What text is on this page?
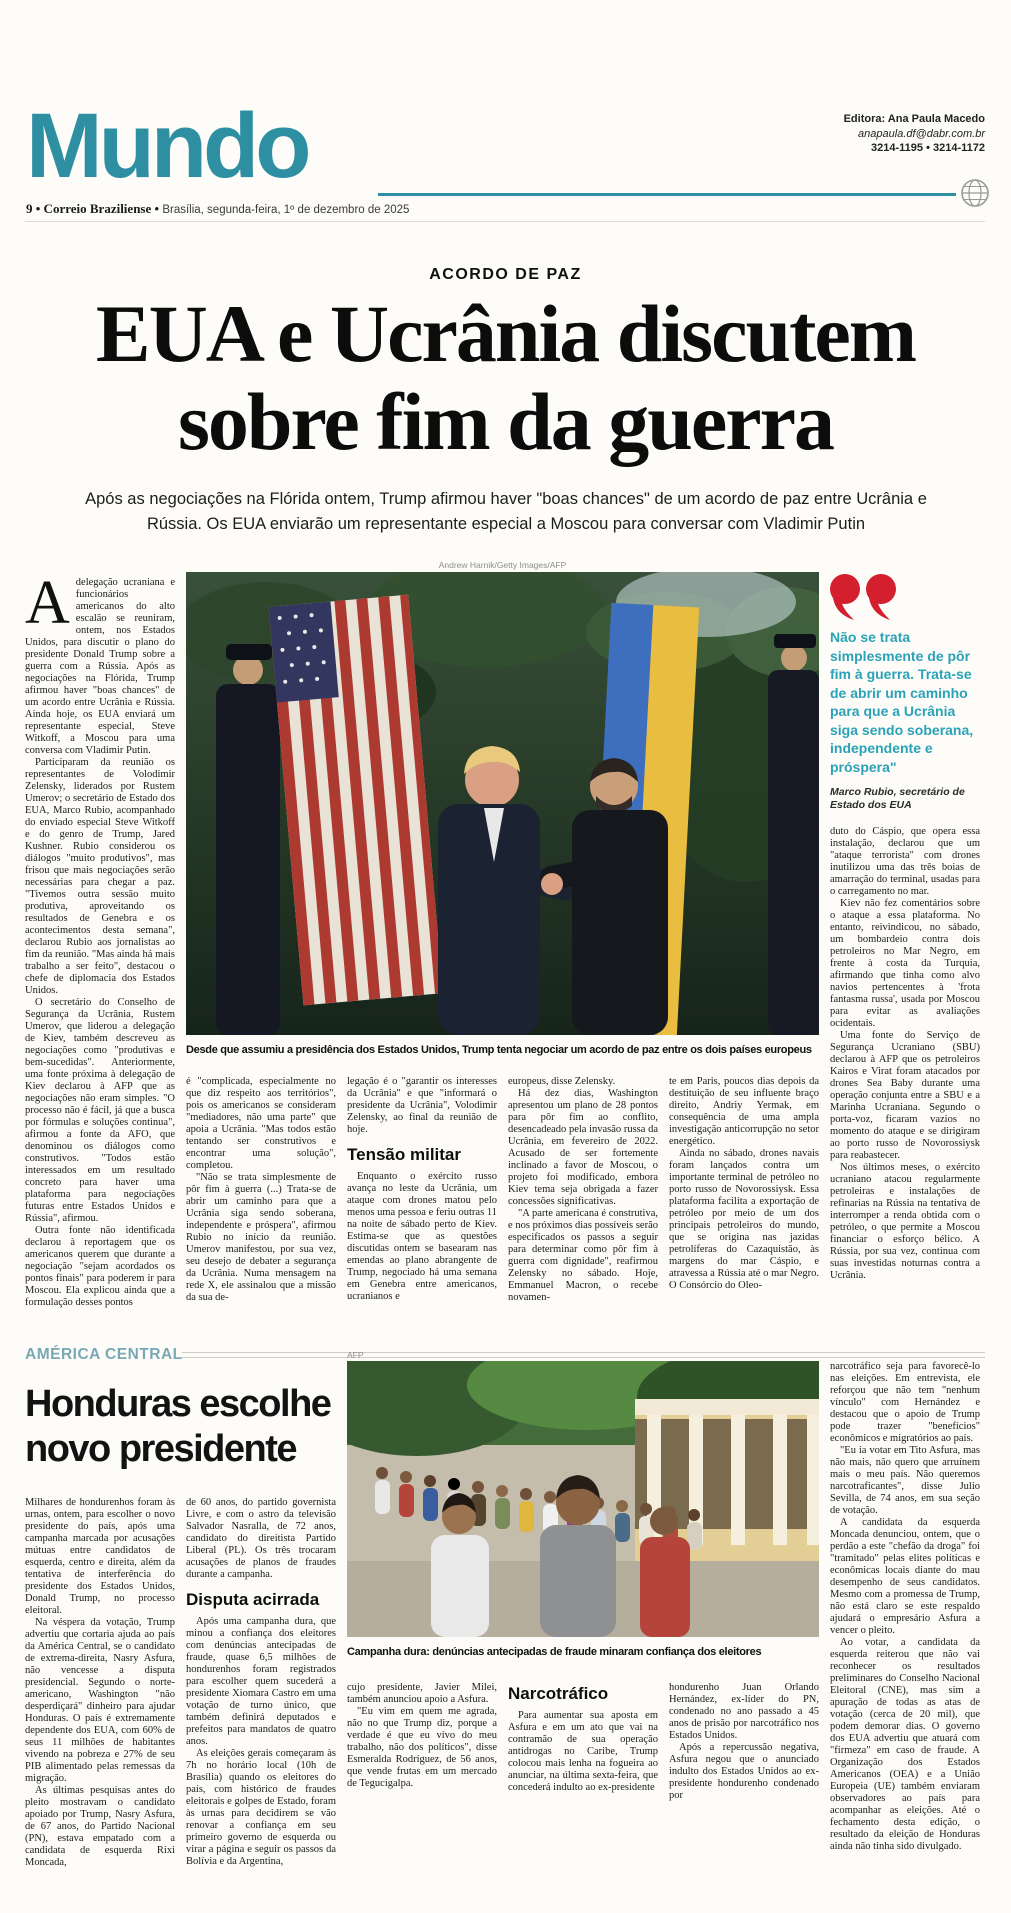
Mundo	Editora: Ana Paula Macedo
anapaula.df@dabr.com.br
3214-1195 • 3214-1172
9 • Correio Braziliense • Brasília, segunda-feira, 1º de dezembro de 2025
ACORDO DE PAZ
EUA e Ucrânia discutem
sobre fim da guerra
Após as negociações na Flórida ontem, Trump afirmou haver "boas chances" de um acordo de paz entre Ucrânia e Rússia. Os EUA enviarão um representante especial a Moscou para conversar com Vladimir Putin
Andrew Harnik/Getty Images/AFP
Desde que assumiu a presidência dos Estados Unidos, Trump tenta negociar um acordo de paz entre os dois países europeus

Adelegação ucraniana e funcionários americanos do alto escalão se reuniram, ontem, nos Estados Unidos, para discutir o plano do presidente Donald Trump sobre a guerra com a Rússia. Após as negociações na Flórida, Trump afirmou haver "boas chances" de um acordo entre Ucrânia e Rússia. Ainda hoje, os EUA enviará um representante especial, Steve Witkoff, a Moscou para uma conversa com Vladimir Putin.

Participaram da reunião os representantes de Volodimir Zelensky, liderados por Rustem Umerov; o secretário de Estado dos EUA, Marco Rubio, acompanhado do enviado especial Steve Witkoff e do genro de Trump, Jared Kushner. Rubio considerou os diálogos "muito produtivos", mas frisou que mais negociações serão necessárias para chegar a paz. "Tivemos outra sessão muito produtiva, aproveitando os resultados de Genebra e os acontecimentos desta semana", declarou Rubio aos jornalistas ao fim da reunião. "Mas ainda há mais trabalho a ser feito", destacou o chefe de diplomacia dos Estados Unidos.

O secretário do Conselho de Segurança da Ucrânia, Rustem Umerov, que liderou a delegação de Kiev, também descreveu as negociações como "produtivas e bem-sucedidas". Anteriormente, uma fonte próxima à delegação de Kiev declarou à AFP que as negociações não eram simples. "O processo não é fácil, já que a busca por fórmulas e soluções continua", afirmou a fonte da AFO, que denominou os diálogos como construtivos. "Todos estão interessados em um resultado concreto para haver uma plataforma para negociações futuras entre Estados Unidos e Rússia", afirmou.

Outra fonte não identificada declarou à reportagem que os americanos querem que durante a negociação "sejam acordados os pontos finais" para poderem ir para Moscou. Ela explicou ainda que a formulação desses pontos

é "complicada, especialmente no que diz respeito aos territórios", pois os americanos se consideram "mediadores, não uma parte" que apoia a Ucrânia. "Mas todos estão tentando ser construtivos e encontrar uma solução", completou.

"Não se trata simplesmente de pôr fim à guerra (...) Trata-se de abrir um caminho para que a Ucrânia siga sendo soberana, independente e próspera", afirmou Rubio no início da reunião. Umerov manifestou, por sua vez, seu desejo de debater a segurança da Ucrânia. Numa mensagem na rede X, ele assinalou que a missão da sua de-

legação é o "garantir os interesses da Ucrânia" e que "informará o presidente da Ucrânia", Volodimir Zelensky, ao final da reunião de hoje.

Tensão militar

Enquanto o exército russo avança no leste da Ucrânia, um ataque com drones matou pelo menos uma pessoa e feriu outras 11 na noite de sábado perto de Kiev. Estima-se que as questões discutidas ontem se basearam nas emendas ao plano abrangente de Trump, negociado há uma semana em Genebra entre americanos, ucranianos e

europeus, disse Zelensky.

Há dez dias, Washington apresentou um plano de 28 pontos para pôr fim ao conflito, desencadeado pela invasão russa da Ucrânia, em fevereiro de 2022. Acusado de ser fortemente inclinado a favor de Moscou, o projeto foi modificado, embora Kiev tema seja obrigada a fazer concessões significativas.

"A parte americana é construtiva, e nos próximos dias possíveis serão especificados os passos a seguir para determinar como pôr fim à guerra com dignidade", reafirmou Zelensky no sábado. Hoje, Emmanuel Macron, o recebe novamen-

te em Paris, poucos dias depois da destituição de seu influente braço direito, Andriy Yermak, em consequência de uma ampla investigação anticorrupção no setor energético.

Ainda no sábado, drones navais foram lançados contra um importante terminal de petróleo no porto russo de Novorossiysk. Essa plataforma facilita a exportação de petróleo por meio de um dos principais petroleiros do mundo, que se origina nas jazidas petrolíferas do Cazaquistão, às margens do mar Cáspio, e atravessa a Rússia até o mar Negro. O Consórcio do Oleo-

Não se trata simplesmente de pôr fim à guerra. Trata-se de abrir um caminho para que a Ucrânia siga sendo soberana, independente e próspera"
Marco Rubio, secretário de Estado dos EUA

duto do Cáspio, que opera essa instalação, declarou que um "ataque terrorista" com drones inutilizou uma das três boias de amarração do terminal, usadas para o carregamento no mar.

Kiev não fez comentários sobre o ataque a essa plataforma. No entanto, reivindicou, no sábado, um bombardeio contra dois petroleiros no Mar Negro, em frente à costa da Turquia, afirmando que tinha como alvo navios pertencentes à 'frota fantasma russa', usada por Moscou para evitar as avaliações ocidentais.

Uma fonte do Serviço de Segurança Ucraniano (SBU) declarou à AFP que os petroleiros Kairos e Virat foram atacados por drones Sea Baby durante uma operação conjunta entre a SBU e a Marinha Ucraniana. Segundo o porta-voz, ficaram vazios no momento do ataque e se dirigiram ao porto russo de Novorossiysk para reabastecer.

Nos últimos meses, o exército ucraniano atacou regularmente petroleiras e instalações de refinarias na Rússia na tentativa de interromper a renda obtida com o petróleo, o que permite a Moscou financiar o esforço bélico. A Rússia, por sua vez, continua com suas investidas noturnas contra a Ucrânia.

AMÉRICA CENTRAL
Honduras escolhe novo presidente

Milhares de hondurenhos foram às urnas, ontem, para escolher o novo presidente do país, após uma campanha marcada por acusações mútuas entre candidatos de esquerda, centro e direita, além da tentativa de interferência do presidente dos Estados Unidos, Donald Trump, no processo eleitoral.

Na véspera da votação, Trump advertiu que cortaria ajuda ao país da América Central, se o candidato de extrema-direita, Nasry Asfura, não vencesse a disputa presidencial. Segundo o norte-americano, Washington "não desperdiçará" dinheiro para ajudar Honduras. O país é extremamente dependente dos EUA, com 60% de seus 11 milhões de habitantes vivendo na pobreza e 27% de seu PIB alimentado pelas remessas da migração.

As últimas pesquisas antes do pleito mostravam o candidato apoiado por Trump, Nasry Asfura, de 67 anos, do Partido Nacional (PN), estava empatado com a candidata de esquerda Rixi Moncada,

de 60 anos, do partido governista Livre, e com o astro da televisão Salvador Nasralla, de 72 anos, candidato do direitista Partido Liberal (PL). Os três trocaram acusações de planos de fraudes durante a campanha.

Disputa acirrada

Após uma campanha dura, que minou a confiança dos eleitores com denúncias antecipadas de fraude, quase 6,5 milhões de hondurenhos foram registrados para escolher quem sucederá a presidente Xiomara Castro em uma votação de turno único, que também definirá deputados e prefeitos para mandatos de quatro anos.

As eleições gerais começaram às 7h no horário local (10h de Brasília) quando os eleitores do país, com histórico de fraudes eleitorais e golpes de Estado, foram às urnas para decidirem se vão renovar a confiança em seu primeiro governo de esquerda ou virar a página e seguir os passos da Bolívia e da Argentina,

AFP
Campanha dura: denúncias antecipadas de fraude minaram confiança dos eleitores

cujo presidente, Javier Milei, também anunciou apoio a Asfura.

"Eu vim em quem me agrada, não no que Trump diz, porque a verdade é que eu vivo do meu trabalho, não dos políticos", disse Esmeralda Rodríguez, de 56 anos, que vende frutas em um mercado de Tegucigalpa.

Narcotráfico

Para aumentar sua aposta em Asfura e em um ato que vai na contramão de sua operação antidrogas no Caribe, Trump colocou mais lenha na fogueira ao anunciar, na última sexta-feira, que concederá indulto ao ex-presidente

hondurenho Juan Orlando Hernández, ex-líder do PN, condenado no ano passado a 45 anos de prisão por narcotráfico nos Estados Unidos.

Após a repercussão negativa, Asfura negou que o anunciado indulto dos Estados Unidos ao ex-presidente hondurenho condenado por

narcotráfico seja para favorecê-lo nas eleições. Em entrevista, ele reforçou que não tem "nenhum vínculo" com Hernández e destacou que o apoio de Trump pode trazer "benefícios" econômicos e migratórios ao país.

"Eu ia votar em Tito Asfura, mas não mais, não quero que arruínem mais o meu país. Não queremos narcotraficantes", disse Julio Sevilla, de 74 anos, em sua seção de votação.

A candidata da esquerda Moncada denunciou, ontem, que o perdão a este "chefão da droga" foi "tramitado" pelas elites políticas e econômicas locais diante do mau desempenho de seus candidatos. Mesmo com a promessa de Trump, não está claro se este respaldo ajudará o empresário Asfura a vencer o pleito.

Ao votar, a candidata da esquerda reiterou que não vai reconhecer os resultados preliminares do Conselho Nacional Eleitoral (CNE), mas sim a apuração de todas as atas de votação (cerca de 20 mil), que podem demorar dias. O governo dos EUA advertiu que atuará com "firmeza" em caso de fraude. A Organização dos Estados Americanos (OEA) e a União Europeia (UE) também enviaram observadores ao país para acompanhar as eleições. Até o fechamento desta edição, o resultado da eleição de Honduras ainda não tinha sido divulgado.
